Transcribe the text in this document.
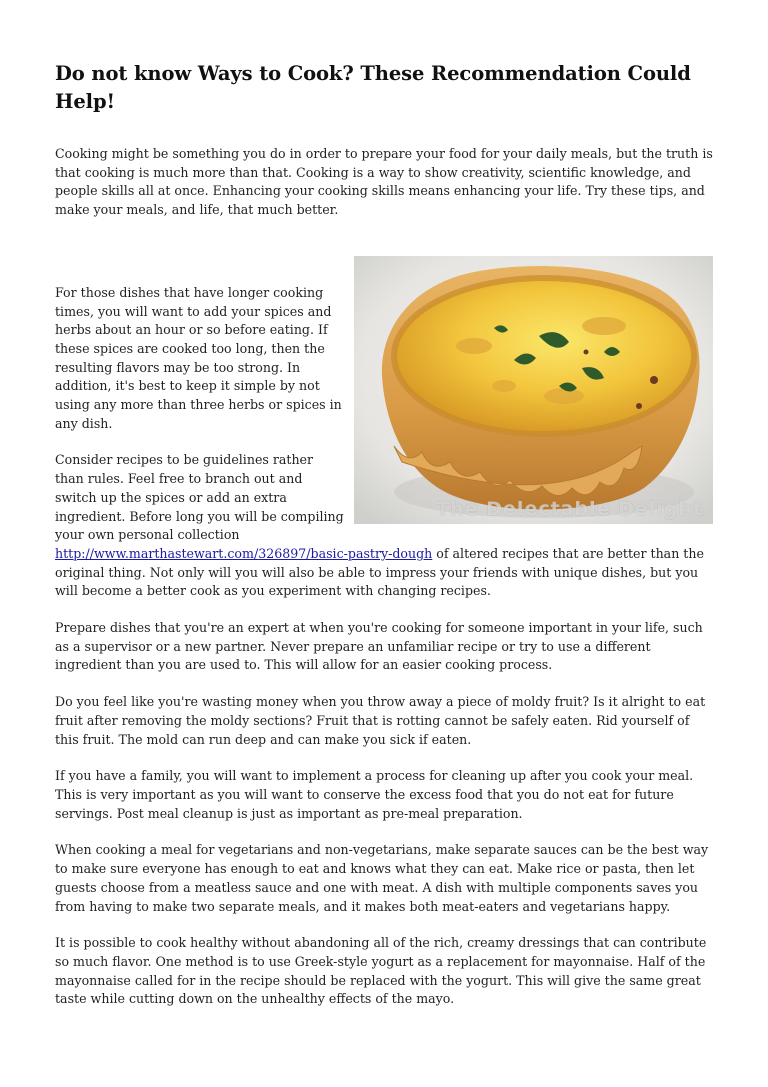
Do not know Ways to Cook? These Recommendation Could Help!

Cooking might be something you do in order to prepare your food for your daily meals, but the truth is that cooking is much more than that. Cooking is a way to show creativity, scientific knowledge, and people skills all at once. Enhancing your cooking skills means enhancing your life. Try these tips, and make your meals, and life, that much better.

The Delectable Delight

For those dishes that have longer cooking times, you will want to add your spices and herbs about an hour or so before eating. If these spices are cooked too long, then the resulting flavors may be too strong. In addition, it's best to keep it simple by not using any more than three herbs or spices in any dish.

Consider recipes to be guidelines rather than rules. Feel free to branch out and switch up the spices or add an extra ingredient. Before long you will be compiling your own personal collection http://www.marthastewart.com/326897/basic-pastry-dough of altered recipes that are better than the original thing. Not only will you will also be able to impress your friends with unique dishes, but you will become a better cook as you experiment with changing recipes.

Prepare dishes that you're an expert at when you're cooking for someone important in your life, such as a supervisor or a new partner. Never prepare an unfamiliar recipe or try to use a different ingredient than you are used to. This will allow for an easier cooking process.

Do you feel like you're wasting money when you throw away a piece of moldy fruit? Is it alright to eat fruit after removing the moldy sections? Fruit that is rotting cannot be safely eaten. Rid yourself of this fruit. The mold can run deep and can make you sick if eaten.

If you have a family, you will want to implement a process for cleaning up after you cook your meal. This is very important as you will want to conserve the excess food that you do not eat for future servings. Post meal cleanup is just as important as pre-meal preparation.

When cooking a meal for vegetarians and non-vegetarians, make separate sauces can be the best way to make sure everyone has enough to eat and knows what they can eat. Make rice or pasta, then let guests choose from a meatless sauce and one with meat. A dish with multiple components saves you from having to make two separate meals, and it makes both meat-eaters and vegetarians happy.

It is possible to cook healthy without abandoning all of the rich, creamy dressings that can contribute so much flavor. One method is to use Greek-style yogurt as a replacement for mayonnaise. Half of the mayonnaise called for in the recipe should be replaced with the yogurt. This will give the same great taste while cutting down on the unhealthy effects of the mayo.
